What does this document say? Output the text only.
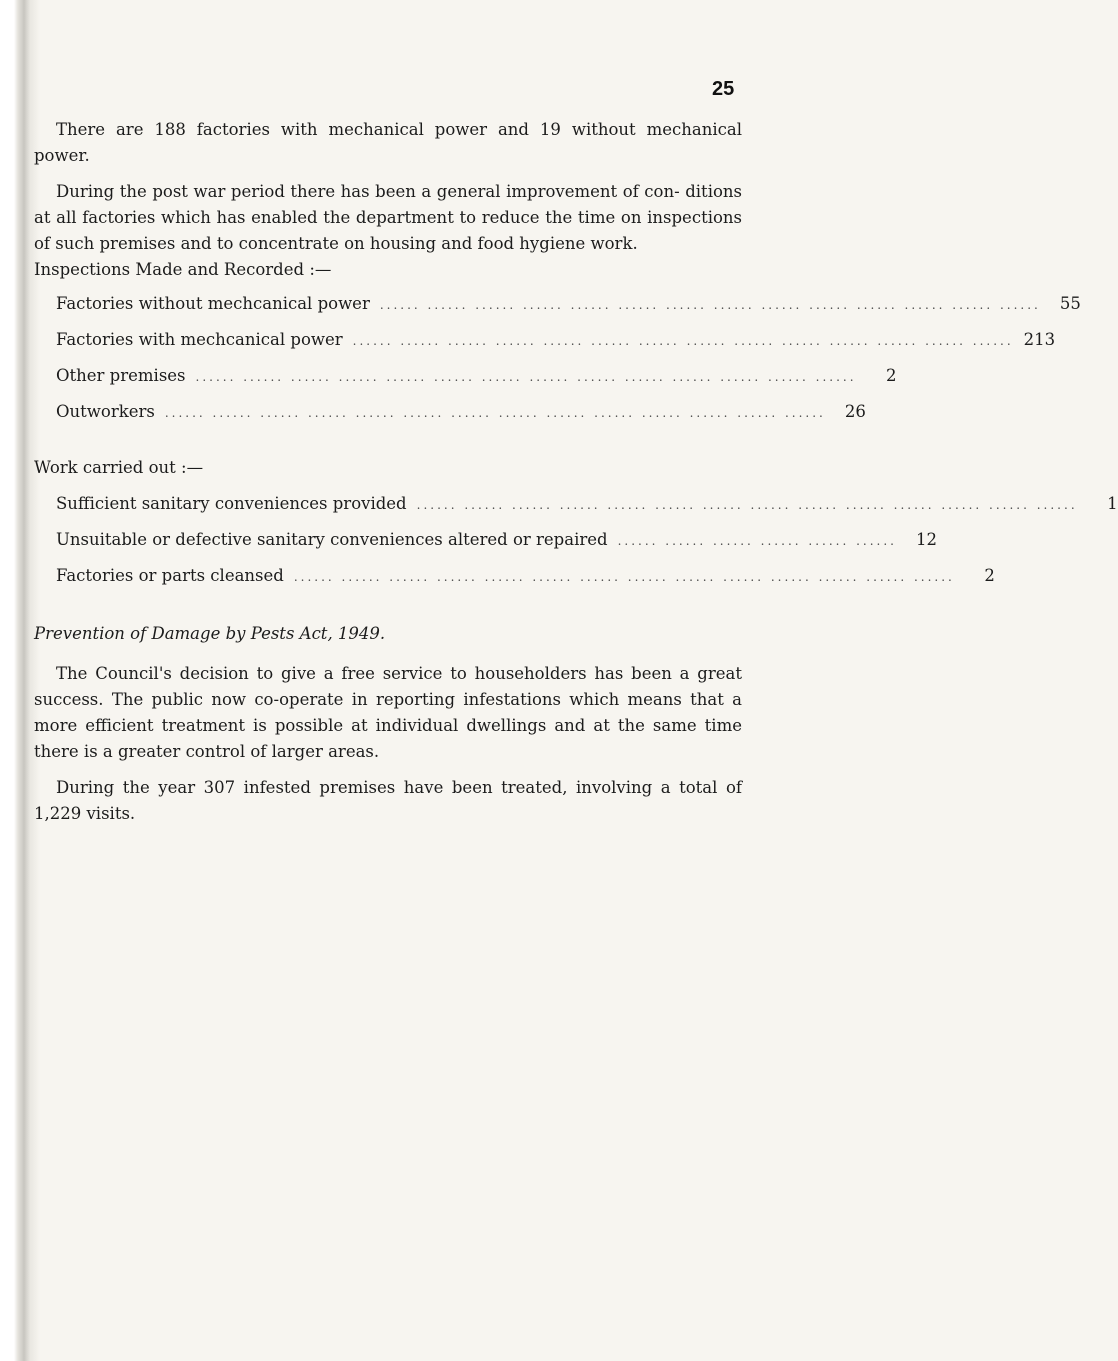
25

There are 188 factories with mechanical power and 19 without mechanical power.

During the post war period there has been a general improvement of con- ditions at all factories which has enabled the department to reduce the time on inspections of such premises and to concentrate on housing and food hygiene work.

Inspections Made and Recorded :—
Factories without mechcanical power ...... ...... ...... ...... ...... ...... ...... ...... ...... ...... ...... ...... ...... ......	55
Factories with mechcanical power ...... ...... ...... ...... ...... ...... ...... ...... ...... ...... ...... ...... ...... ...... 213
Other premises ...... ...... ...... ...... ...... ...... ...... ...... ...... ...... ...... ...... ...... ......	2
Outworkers ...... ...... ...... ...... ...... ...... ...... ...... ...... ...... ...... ...... ...... ......	26
Work carried out :—
Sufficient sanitary conveniences provided ...... ...... ...... ...... ...... ...... ...... ...... ...... ...... ...... ...... ...... ......	1
Unsuitable or defective sanitary conveniences altered or repaired ...... ...... ...... ...... ...... ......	12
Factories or parts cleansed ...... ...... ...... ...... ...... ...... ...... ...... ...... ...... ...... ...... ...... ......	2
Prevention of Damage by Pests Act, 1949.

The Council's decision to give a free service to householders has been a great success. The public now co-operate in reporting infestations which means that a more efficient treatment is possible at individual dwellings and at the same time there is a greater control of larger areas.

During the year 307 infested premises have been treated, involving a total of 1,229 visits.
